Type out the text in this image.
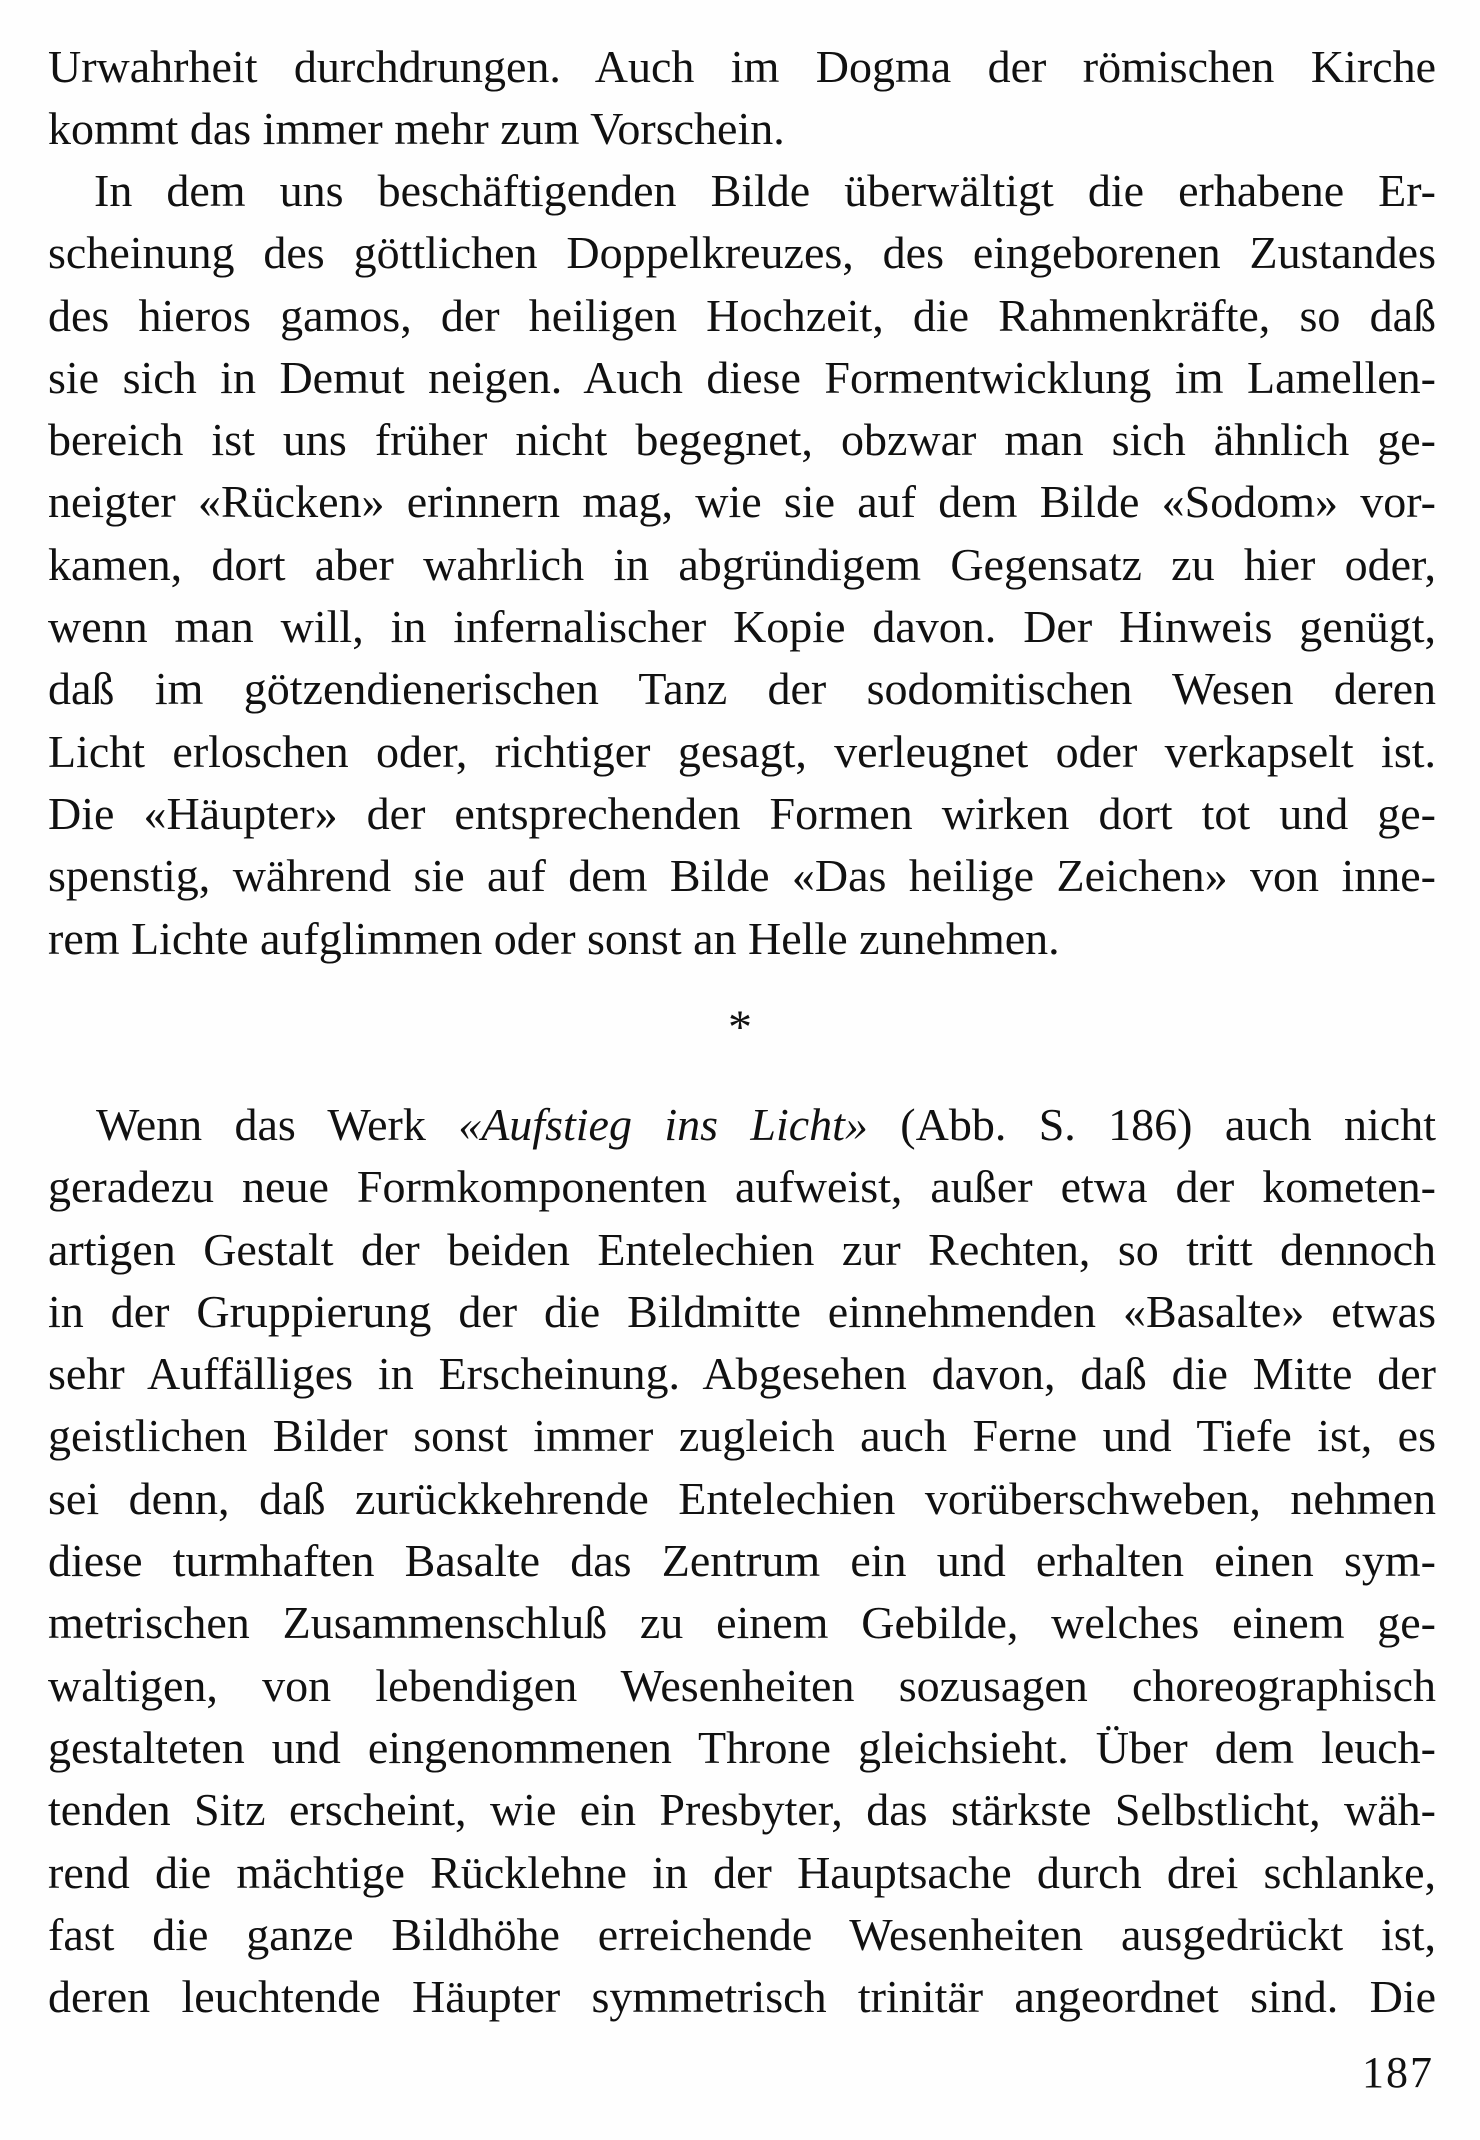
Urwahrheit durchdrungen. Auch im Dogma der römischen Kirche
kommt das immer mehr zum Vorschein.
In dem uns beschäftigenden Bilde überwältigt die erhabene Er-
scheinung des göttlichen Doppelkreuzes, des eingeborenen Zustandes
des hieros gamos, der heiligen Hochzeit, die Rahmenkräfte, so daß
sie sich in Demut neigen. Auch diese Formentwicklung im Lamellen-
bereich ist uns früher nicht begegnet, obzwar man sich ähnlich ge-
neigter «Rücken» erinnern mag, wie sie auf dem Bilde «Sodom» vor-
kamen, dort aber wahrlich in abgründigem Gegensatz zu hier oder,
wenn man will, in infernalischer Kopie davon. Der Hinweis genügt,
daß im götzendienerischen Tanz der sodomitischen Wesen deren
Licht erloschen oder, richtiger gesagt, verleugnet oder verkapselt ist.
Die «Häupter» der entsprechenden Formen wirken dort tot und ge-
spenstig, während sie auf dem Bilde «Das heilige Zeichen» von inne-
rem Lichte aufglimmen oder sonst an Helle zunehmen.
*
Wenn das Werk «Aufstieg ins Licht» (Abb. S. 186) auch nicht
geradezu neue Formkomponenten aufweist, außer etwa der kometen-
artigen Gestalt der beiden Entelechien zur Rechten, so tritt dennoch
in der Gruppierung der die Bildmitte einnehmenden «Basalte» etwas
sehr Auffälliges in Erscheinung. Abgesehen davon, daß die Mitte der
geistlichen Bilder sonst immer zugleich auch Ferne und Tiefe ist, es
sei denn, daß zurückkehrende Entelechien vorüberschweben, nehmen
diese turmhaften Basalte das Zentrum ein und erhalten einen sym-
metrischen Zusammenschluß zu einem Gebilde, welches einem ge-
waltigen, von lebendigen Wesenheiten sozusagen choreographisch
gestalteten und eingenommenen Throne gleichsieht. Über dem leuch-
tenden Sitz erscheint, wie ein Presbyter, das stärkste Selbstlicht, wäh-
rend die mächtige Rücklehne in der Hauptsache durch drei schlanke,
fast die ganze Bildhöhe erreichende Wesenheiten ausgedrückt ist,
deren leuchtende Häupter symmetrisch trinitär angeordnet sind. Die
187
